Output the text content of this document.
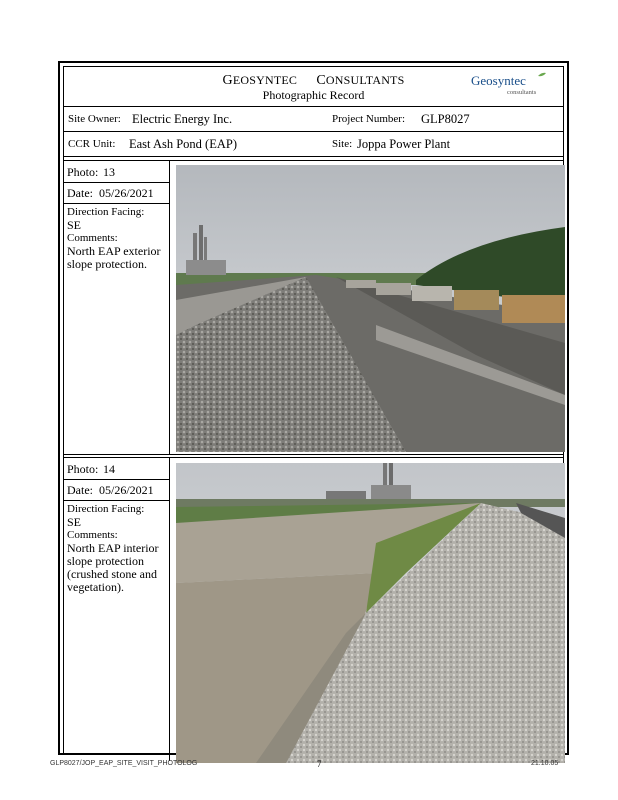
GEOSYNTEC CONSULTANTS
Photographic Record
Geosyntec
consultants
Site Owner: Electric Energy Inc.	Project Number: GLP8027
CCR Unit: East Ash Pond (EAP)	Site: Joppa Power Plant
Photo: 13
Date: 05/26/2021
Direction Facing:
SE
Comments:
North EAP exterior slope protection.
Photo: 14
Date: 05/26/2021
Direction Facing:
SE
Comments:
North EAP interior slope protection (crushed stone and vegetation).
GLP8027/JOP_EAP_SITE_VISIT_PHOTOLOG	7	21.10.05
